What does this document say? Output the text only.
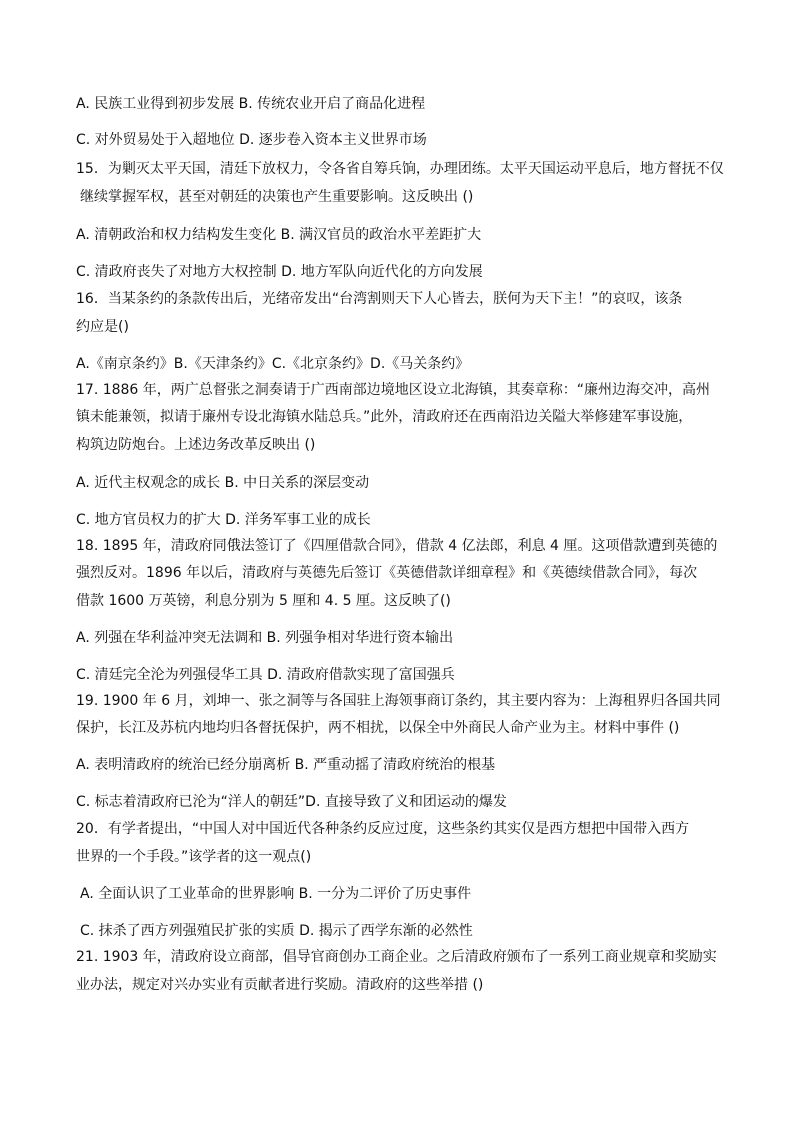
A. 民族工业得到初步发展 B. 传统农业开启了商品化进程
C. 对外贸易处于入超地位 D. 逐步卷入资本主义世界市场
15．为剿灭太平天国，清廷下放权力，令各省自筹兵饷，办理团练。太平天国运动平息后，地方督抚不仅
继续掌握军权，甚至对朝廷的决策也产生重要影响。这反映出 ()
A. 清朝政治和权力结构发生变化 B. 满汉官员的政治水平差距扩大
C. 清政府丧失了对地方大权控制 D. 地方军队向近代化的方向发展
16．当某条约的条款传出后，光绪帝发出“台湾割则天下人心皆去，朕何为天下主！”的哀叹，该条
约应是()
A.《南京条约》B.《天津条约》C.《北京条约》D.《马关条约》
17. 1886 年，两广总督张之洞奏请于广西南部边境地区设立北海镇，其奏章称：“廉州边海交冲，高州
镇未能兼领，拟请于廉州专设北海镇水陆总兵。”此外，清政府还在西南沿边关隘大举修建军事设施，
构筑边防炮台。上述边务改革反映出 ()
A. 近代主权观念的成长 B. 中日关系的深层变动
C. 地方官员权力的扩大 D. 洋务军事工业的成长
18. 1895 年，清政府同俄法签订了《四厘借款合同》，借款 4 亿法郎，利息 4 厘。这项借款遭到英德的
强烈反对。1896 年以后，清政府与英德先后签订《英德借款详细章程》和《英德续借款合同》，每次
借款 1600 万英镑，利息分别为 5 厘和 4. 5 厘。这反映了()
A. 列强在华利益冲突无法调和 B. 列强争相对华进行资本输出
C. 清廷完全沦为列强侵华工具 D. 清政府借款实现了富国强兵
19. 1900 年 6 月，刘坤一、张之洞等与各国驻上海领事商订条约，其主要内容为：上海租界归各国共同
保护，长江及苏杭内地均归各督抚保护，两不相扰，以保全中外商民人命产业为主。材料中事件 ()
A. 表明清政府的统治已经分崩离析 B. 严重动摇了清政府统治的根基
C. 标志着清政府已沦为“洋人的朝廷”D. 直接导致了义和团运动的爆发
20．有学者提出，“中国人对中国近代各种条约反应过度，这些条约其实仅是西方想把中国带入西方
世界的一个手段。”该学者的这一观点()
A. 全面认识了工业革命的世界影响 B. 一分为二评价了历史事件
C. 抹杀了西方列强殖民扩张的实质 D. 揭示了西学东渐的必然性
21. 1903 年，清政府设立商部，倡导官商创办工商企业。之后清政府颁布了一系列工商业规章和奖励实
业办法，规定对兴办实业有贡献者进行奖励。清政府的这些举措 ()
